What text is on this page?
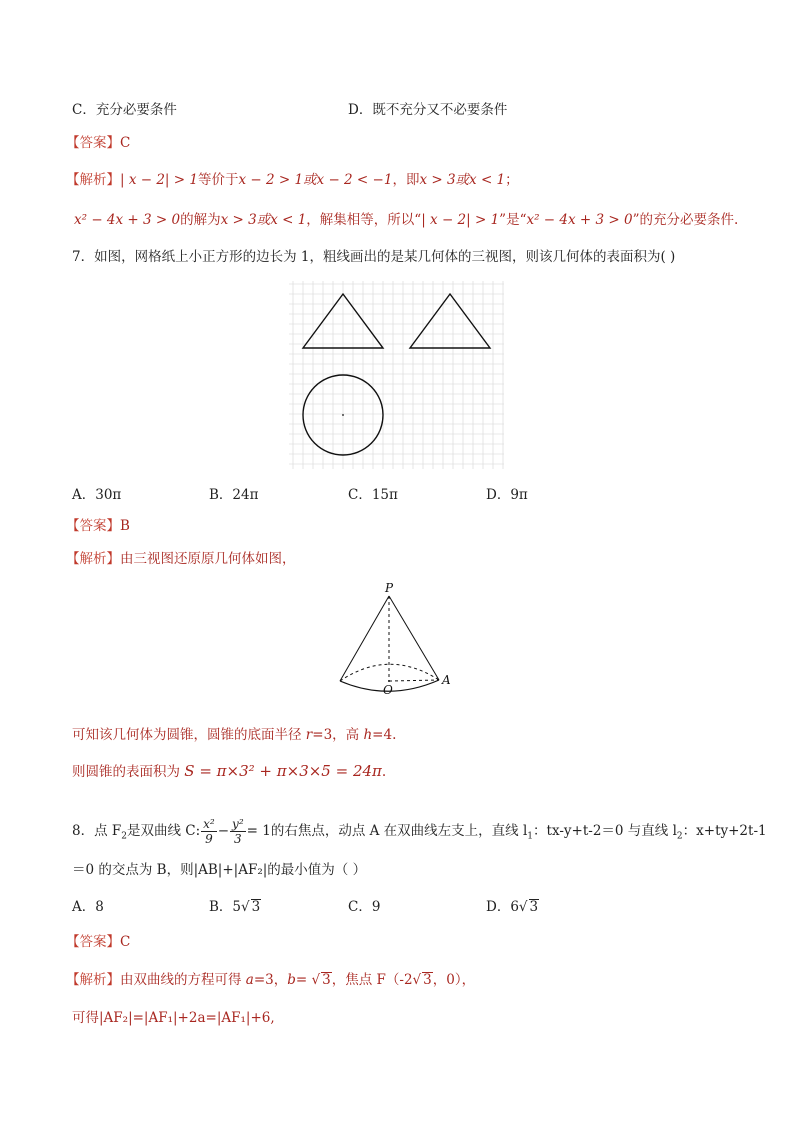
C．充分必要条件	D．既不充分又不必要条件
【答案】C
【解析】| x − 2| > 1等价于x − 2 > 1或x − 2 < −1，即x > 3或x < 1；
x² − 4x + 3 > 0的解为x > 3或x < 1，解集相等，所以“| x − 2| > 1”是“x² − 4x + 3 > 0”的充分必要条件.
7．如图，网格纸上小正方形的边长为 1，粗线画出的是某几何体的三视图，则该几何体的表面积为( )
A．30π	B．24π	C．15π	D．9π
【答案】B
【解析】由三视图还原原几何体如图，
P
O
A
可知该几何体为圆锥，圆锥的底面半径 r=3，高 h=4.
则圆锥的表面积为 S = π×3² + π×3×5 = 24π.
8．点 $F_2$是双曲线 C: $\frac{\text{x²}}{9} - \frac{\text{y²}}{3} = 1$的右焦点，动点 A 在双曲线左支上，直线 $l_1$：tx-y+t-2＝0 与直线 $l_2$：x+ty+2t-1
＝0 的交点为 B，则|AB|+|AF₂|的最小值为（ ）
A．8	B．5√ 3	C．9	D．6√ 3
【答案】C
【解析】由双曲线的方程可得 a=3，b= √ 3，焦点 F（-2√ 3，0），
可得|AF₂|=|AF₁|+2a=|AF₁|+6,
